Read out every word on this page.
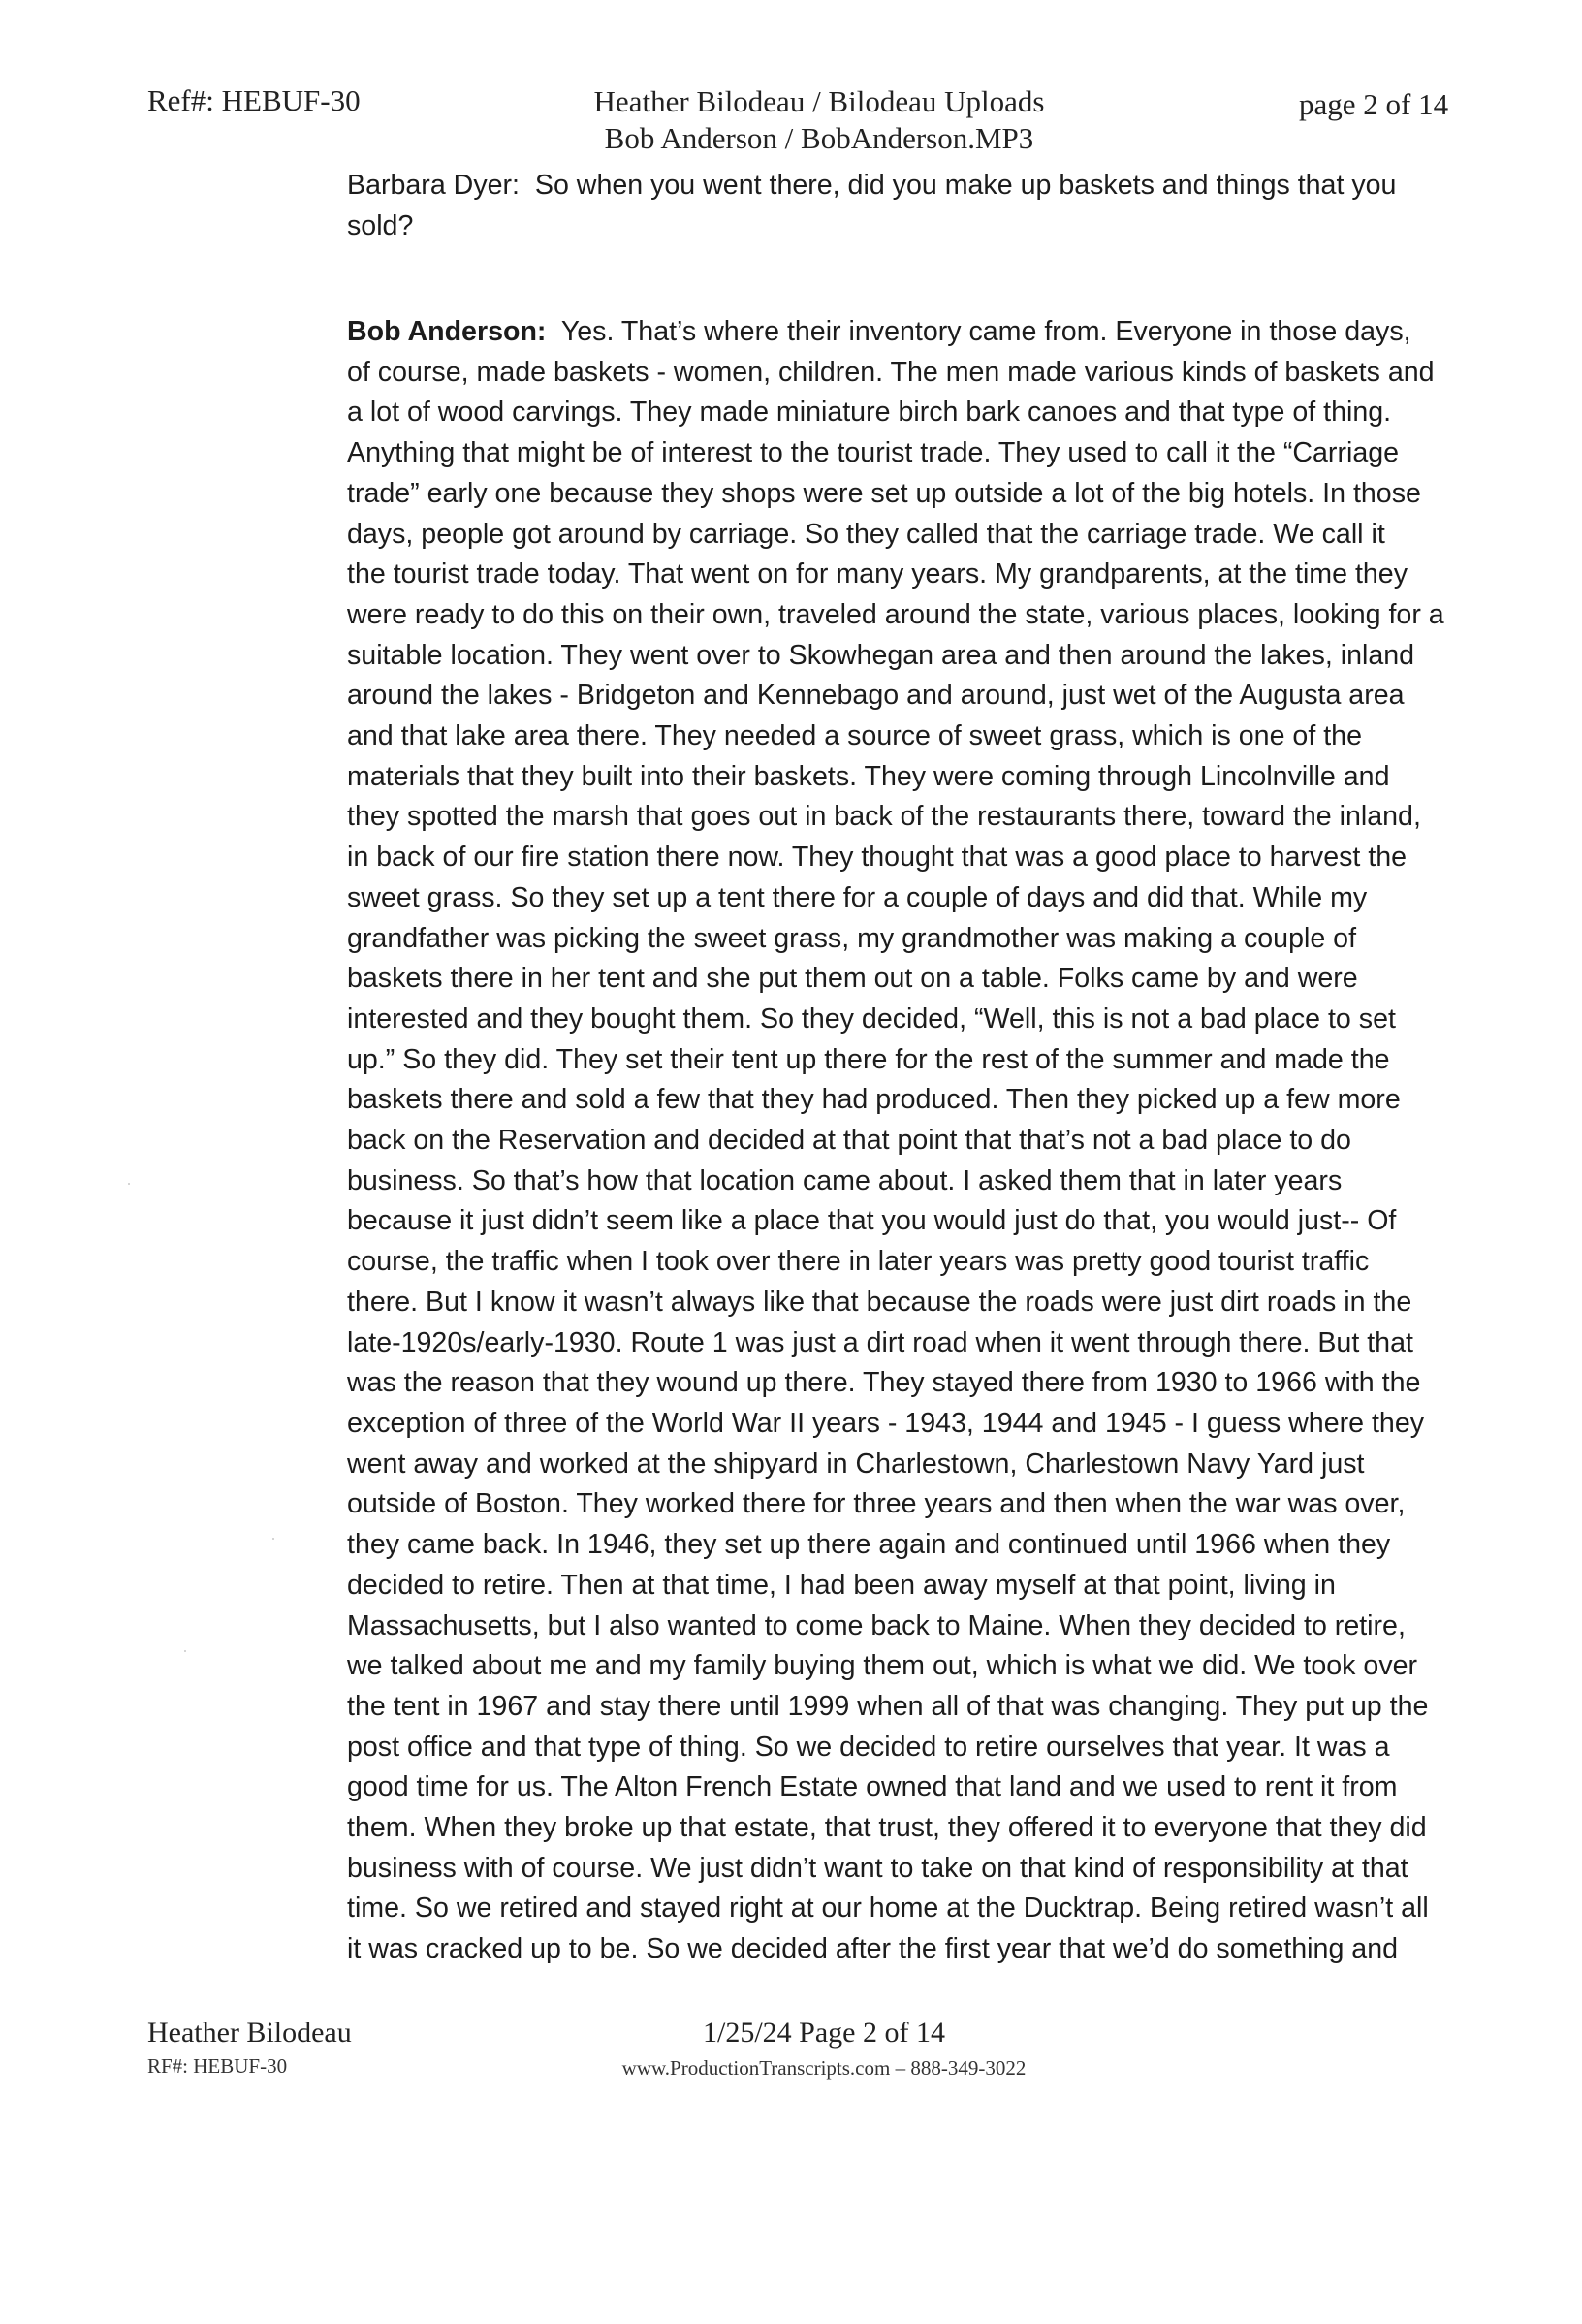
Ref#: HEBUF-30	Heather Bilodeau / Bilodeau Uploads
Bob Anderson / BobAnderson.MP3
page 2 of 14
Barbara Dyer: So when you went there, did you make up baskets and things that you
sold?
Bob Anderson: Yes. That’s where their inventory came from. Everyone in those days,
of course, made baskets - women, children. The men made various kinds of baskets and
a lot of wood carvings. They made miniature birch bark canoes and that type of thing.
Anything that might be of interest to the tourist trade. They used to call it the “Carriage
trade” early one because they shops were set up outside a lot of the big hotels. In those
days, people got around by carriage. So they called that the carriage trade. We call it
the tourist trade today. That went on for many years. My grandparents, at the time they
were ready to do this on their own, traveled around the state, various places, looking for a
suitable location. They went over to Skowhegan area and then around the lakes, inland
around the lakes - Bridgeton and Kennebago and around, just wet of the Augusta area
and that lake area there. They needed a source of sweet grass, which is one of the
materials that they built into their baskets. They were coming through Lincolnville and
they spotted the marsh that goes out in back of the restaurants there, toward the inland,
in back of our fire station there now. They thought that was a good place to harvest the
sweet grass. So they set up a tent there for a couple of days and did that. While my
grandfather was picking the sweet grass, my grandmother was making a couple of
baskets there in her tent and she put them out on a table. Folks came by and were
interested and they bought them. So they decided, “Well, this is not a bad place to set
up.” So they did. They set their tent up there for the rest of the summer and made the
baskets there and sold a few that they had produced. Then they picked up a few more
back on the Reservation and decided at that point that that’s not a bad place to do
business. So that’s how that location came about. I asked them that in later years
because it just didn’t seem like a place that you would just do that, you would just-- Of
course, the traffic when I took over there in later years was pretty good tourist traffic
there. But I know it wasn’t always like that because the roads were just dirt roads in the
late-1920s/early-1930. Route 1 was just a dirt road when it went through there. But that
was the reason that they wound up there. They stayed there from 1930 to 1966 with the
exception of three of the World War II years - 1943, 1944 and 1945 - I guess where they
went away and worked at the shipyard in Charlestown, Charlestown Navy Yard just
outside of Boston. They worked there for three years and then when the war was over,
they came back. In 1946, they set up there again and continued until 1966 when they
decided to retire. Then at that time, I had been away myself at that point, living in
Massachusetts, but I also wanted to come back to Maine. When they decided to retire,
we talked about me and my family buying them out, which is what we did. We took over
the tent in 1967 and stay there until 1999 when all of that was changing. They put up the
post office and that type of thing. So we decided to retire ourselves that year. It was a
good time for us. The Alton French Estate owned that land and we used to rent it from
them. When they broke up that estate, that trust, they offered it to everyone that they did
business with of course. We just didn’t want to take on that kind of responsibility at that
time. So we retired and stayed right at our home at the Ducktrap. Being retired wasn’t all
it was cracked up to be. So we decided after the first year that we’d do something and
Heather Bilodeau
RF#: HEBUF-30
1/25/24 Page 2 of 14
www.ProductionTranscripts.com – 888-349-3022
